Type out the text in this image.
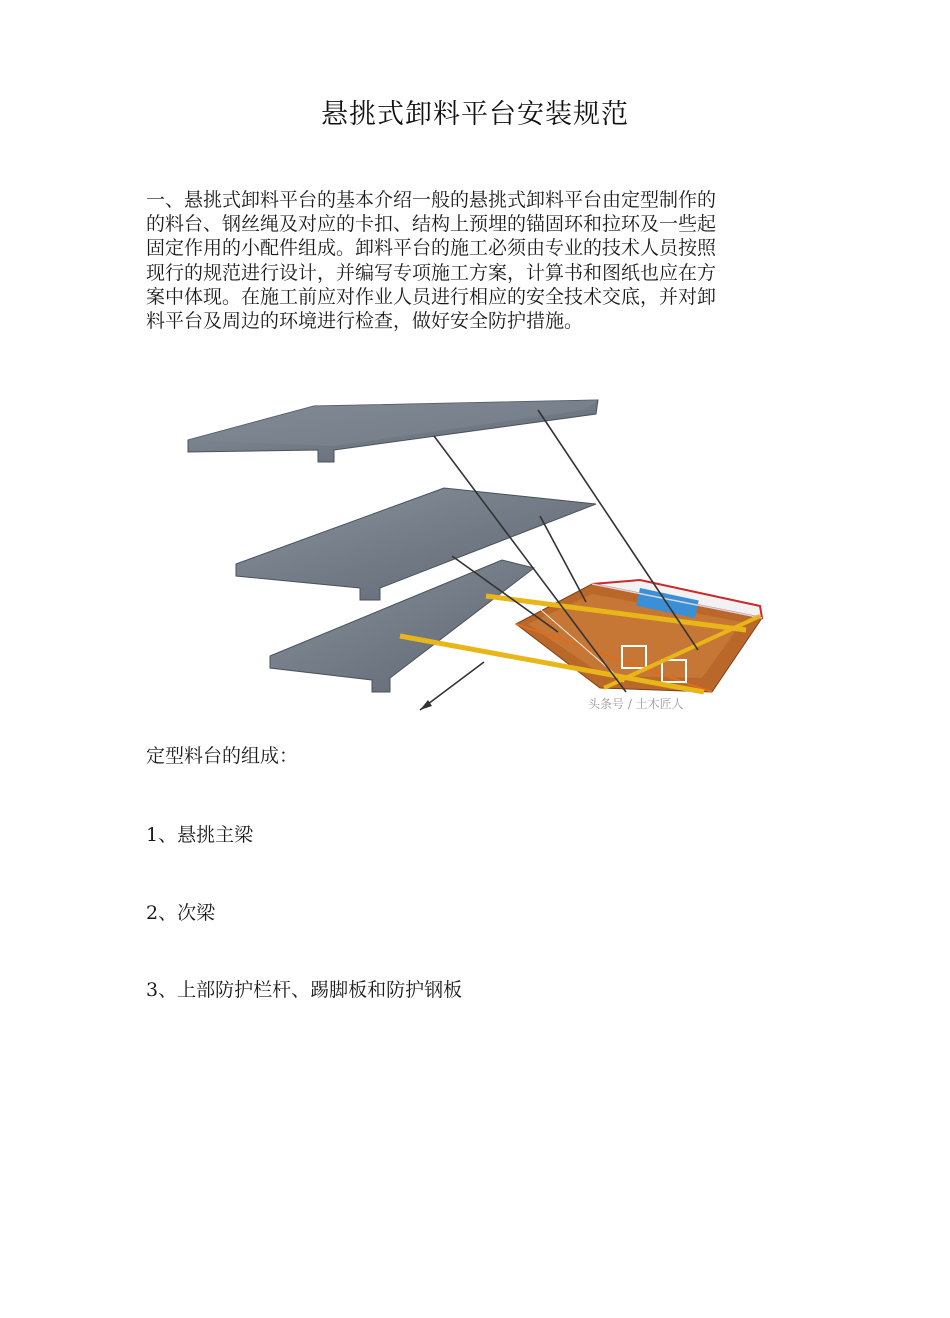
悬挑式卸料平台安装规范
一、悬挑式卸料平台的基本介绍一般的悬挑式卸料平台由定型制作的
的料台、钢丝绳及对应的卡扣、结构上预埋的锚固环和拉环及一些起
固定作用的小配件组成。卸料平台的施工必须由专业的技术人员按照
现行的规范进行设计，并编写专项施工方案，计算书和图纸也应在方
案中体现。在施工前应对作业人员进行相应的安全技术交底，并对卸
料平台及周边的环境进行检查，做好安全防护措施。
头条号 / 土木匠人
定型料台的组成：
1、悬挑主梁
2、次梁
3、上部防护栏杆、踢脚板和防护钢板
